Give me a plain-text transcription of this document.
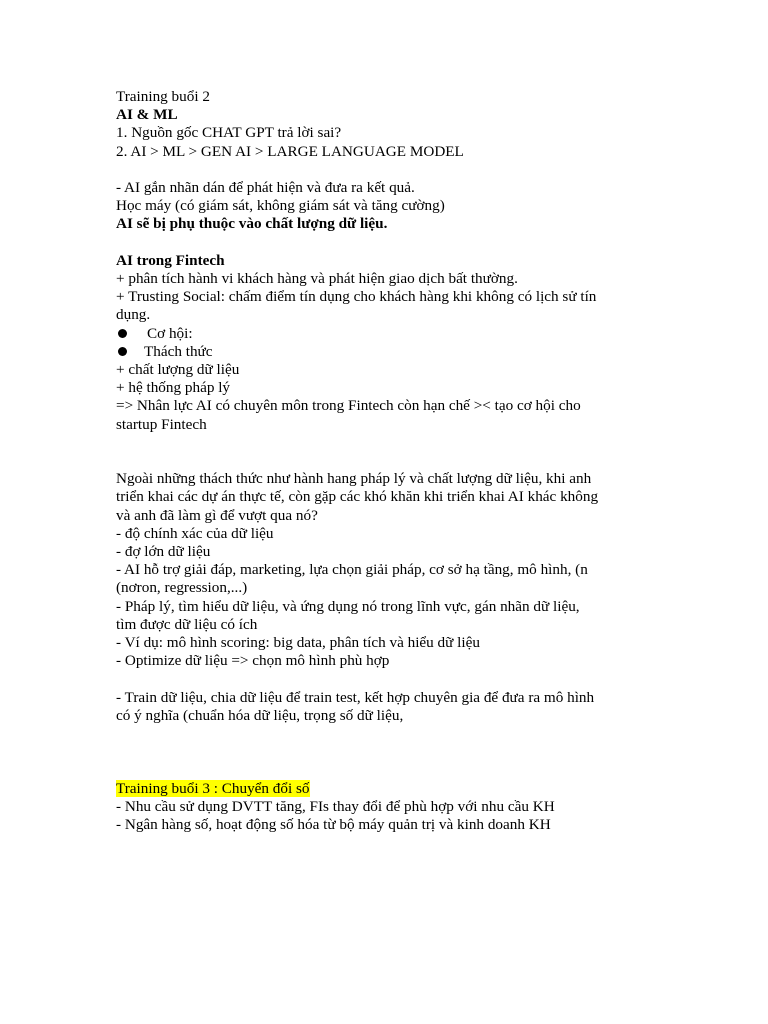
Training buổi 2
AI & ML
1. Nguồn gốc CHAT GPT trả lời sai?
2. AI > ML > GEN AI > LARGE LANGUAGE MODEL
- AI gắn nhãn dán để phát hiện và đưa ra kết quả.
Học máy (có giám sát, không giám sát và tăng cường)
AI sẽ bị phụ thuộc vào chất lượng dữ liệu.
AI trong Fintech
+ phân tích hành vi khách hàng và phát hiện giao dịch bất thường.
+ Trusting Social: chấm điểm tín dụng cho khách hàng khi không có lịch sử tín
dụng.
Cơ hội:
Thách thức
+ chất lượng dữ liệu
+ hệ thống pháp lý
=> Nhân lực AI có chuyên môn trong Fintech còn hạn chế >< tạo cơ hội cho
startup Fintech
Ngoài những thách thức như hành hang pháp lý và chất lượng dữ liệu, khi anh
triển khai các dự án thực tế, còn gặp các khó khăn khi triển khai AI khác không
và anh đã làm gì để vượt qua nó?
- độ chính xác của dữ liệu
- đợ lớn dữ liệu
- AI hỗ trợ giải đáp, marketing, lựa chọn giải pháp, cơ sở hạ tầng, mô hình, (n
(nơron, regression,...)
- Pháp lý, tìm hiểu dữ liệu, và ứng dụng nó trong lĩnh vực, gán nhãn dữ liệu,
tìm được dữ liệu có ích
- Ví dụ: mô hình scoring: big data, phân tích và hiểu dữ liệu
- Optimize dữ liệu => chọn mô hình phù hợp
- Train dữ liệu, chia dữ liệu để train test, kết hợp chuyên gia để đưa ra mô hình
có ý nghĩa (chuẩn hóa dữ liệu, trọng số dữ liệu,
Training buổi 3 : Chuyển đổi số
- Nhu cầu sử dụng DVTT tăng, FIs thay đổi để phù hợp với nhu cầu KH
- Ngân hàng số, hoạt động số hóa từ bộ máy quản trị và kinh doanh KH
